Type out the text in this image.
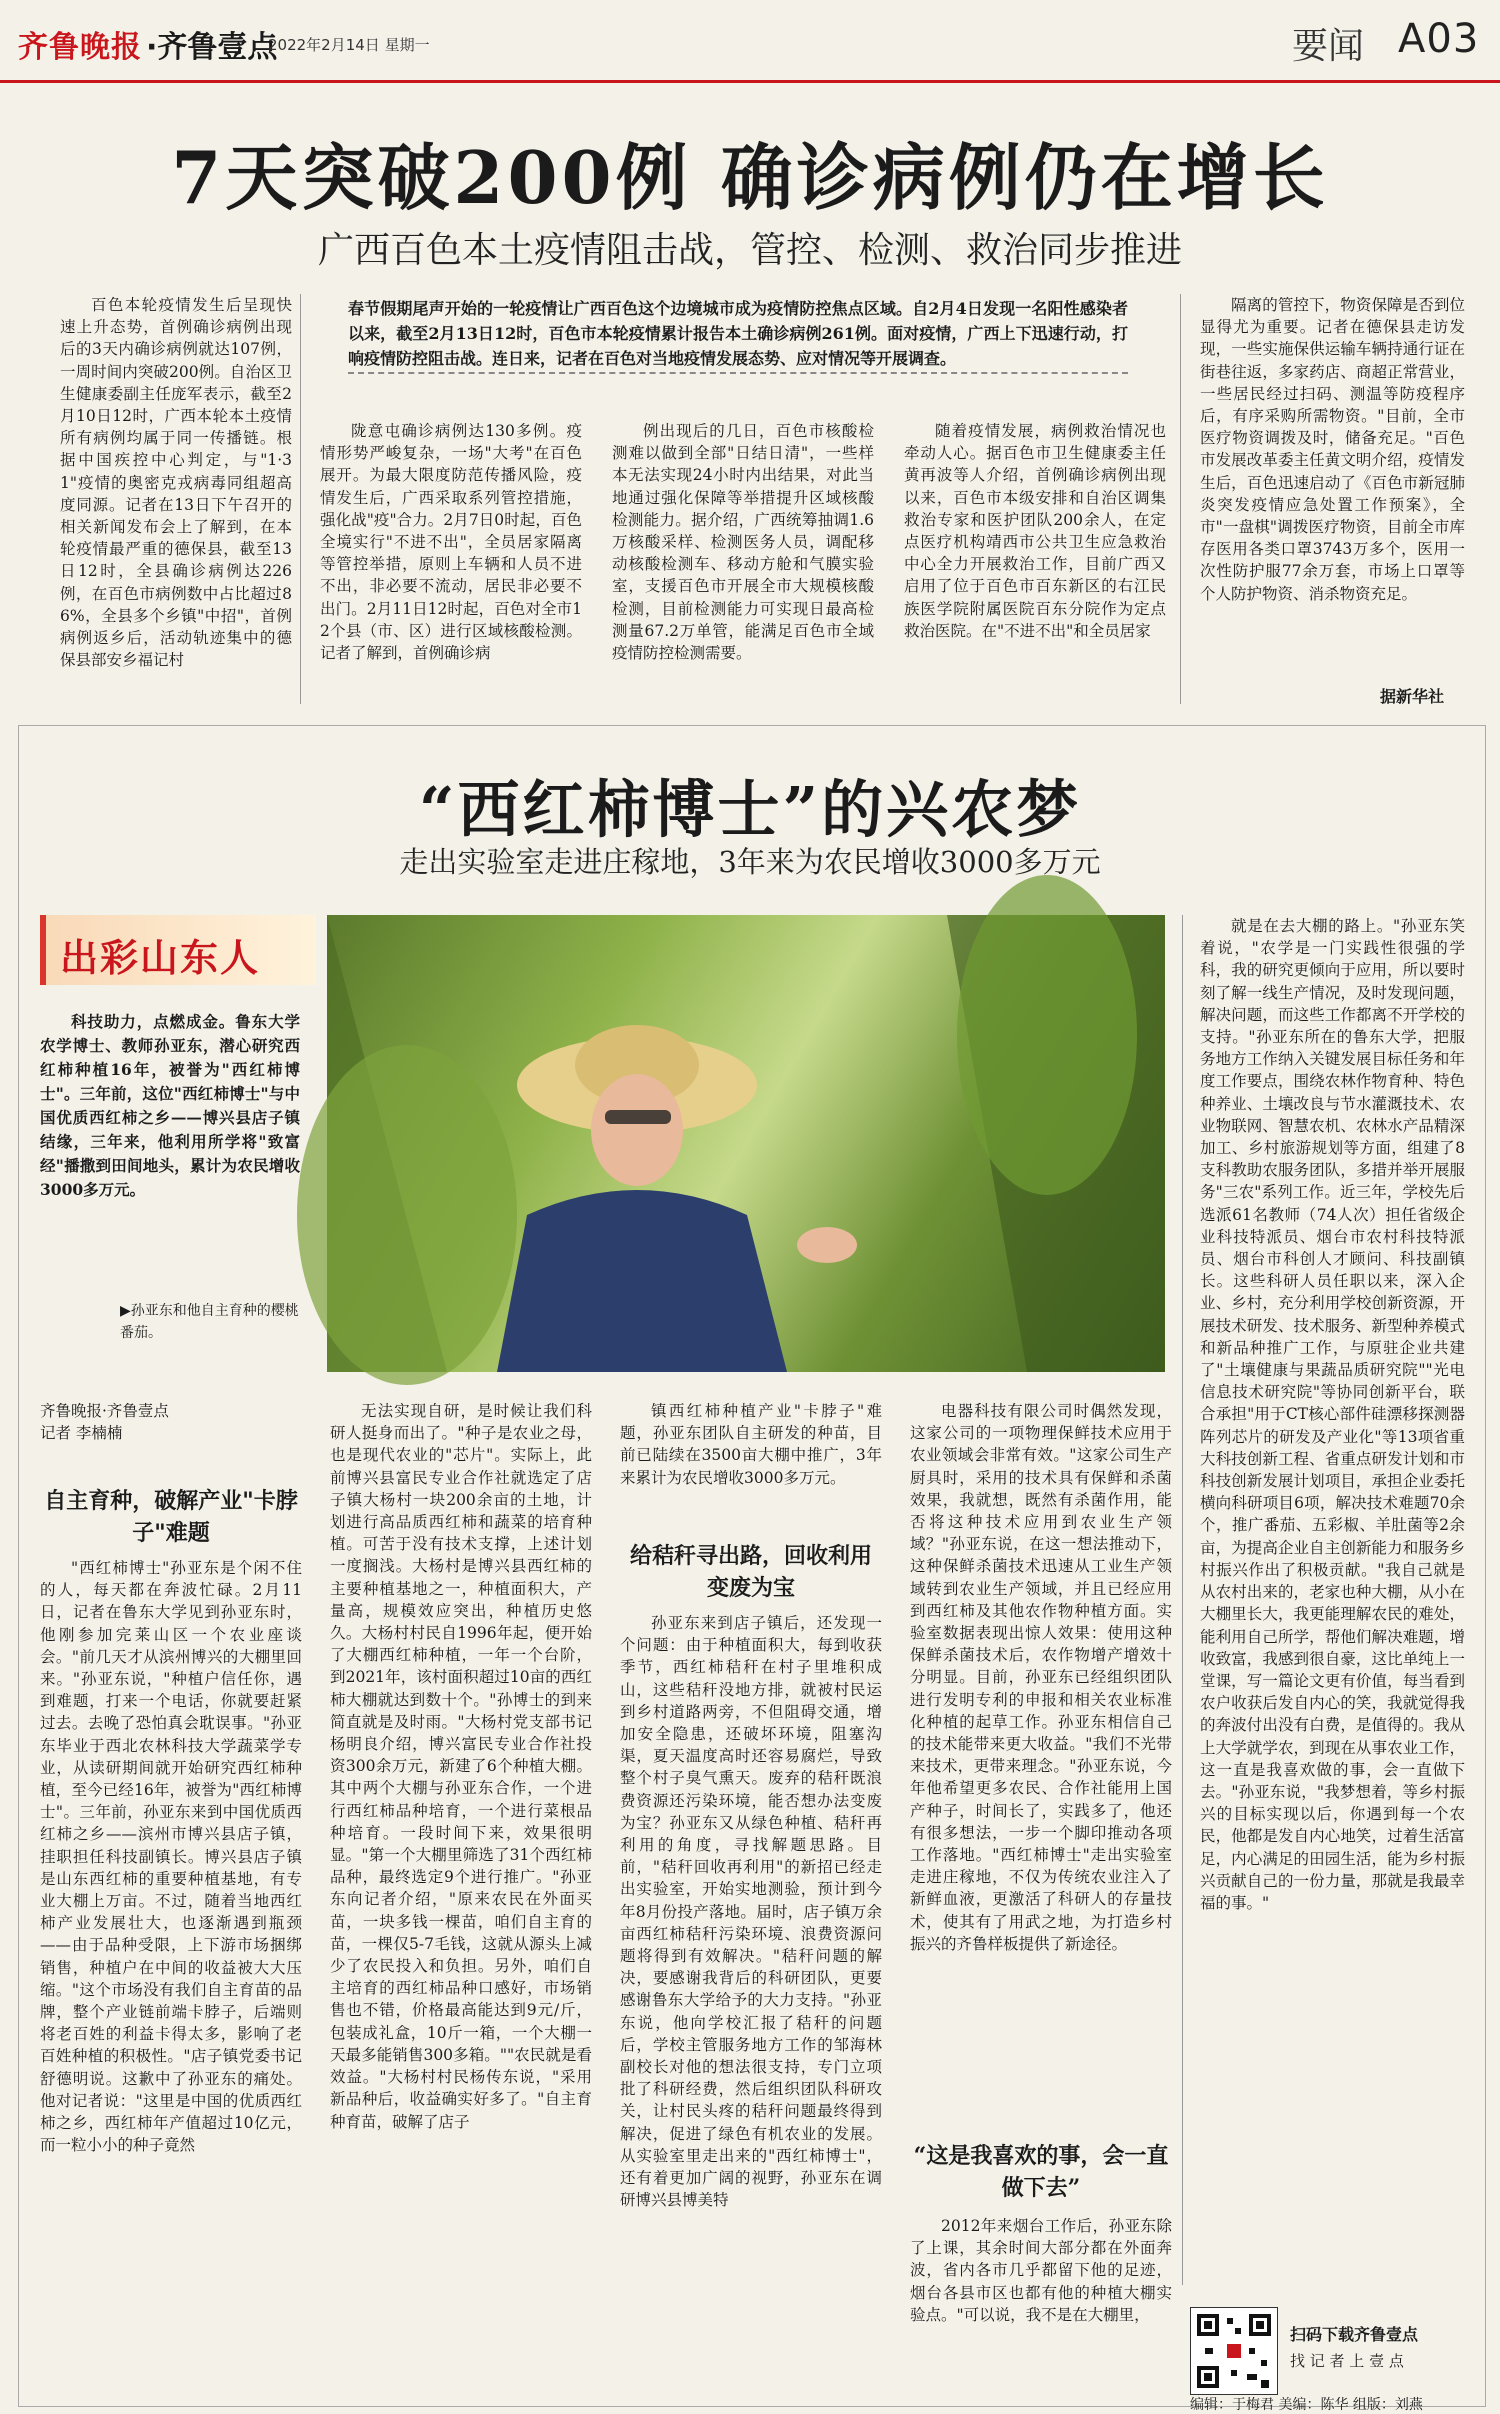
齐鲁晚报 ·齐鲁壹点
2022年2月14日 星期一	要闻 A03
7天突破200例 确诊病例仍在增长
广西百色本土疫情阻击战，管控、检测、救治同步推进
百色本轮疫情发生后呈现快速上升态势，首例确诊病例出现后的3天内确诊病例就达107例，一周时间内突破200例。自治区卫生健康委副主任庞军表示，截至2月10日12时，广西本轮本土疫情所有病例均属于同一传播链。根据中国疾控中心判定，与"1·31"疫情的奥密克戎病毒同组超高度同源。记者在13日下午召开的相关新闻发布会上了解到，在本轮疫情最严重的德保县，截至13日12时，全县确诊病例达226例，在百色市病例数中占比超过86%，全县多个乡镇"中招"，首例病例返乡后，活动轨迹集中的德保县部安乡福记村
春节假期尾声开始的一轮疫情让广西百色这个边境城市成为疫情防控焦点区域。自2月4日发现一名阳性感染者以来，截至2月13日12时，百色市本轮疫情累计报告本土确诊病例261例。面对疫情，广西上下迅速行动，打响疫情防控阻击战。连日来，记者在百色对当地疫情发展态势、应对情况等开展调查。
陇意屯确诊病例达130多例。疫情形势严峻复杂，一场"大考"在百色展开。为最大限度防范传播风险，疫情发生后，广西采取系列管控措施，强化战"疫"合力。2月7日0时起，百色全境实行"不进不出"，全员居家隔离等管控举措，原则上车辆和人员不进不出，非必要不流动，居民非必要不出门。2月11日12时起，百色对全市12个县（市、区）进行区域核酸检测。记者了解到，首例确诊病
例出现后的几日，百色市核酸检测难以做到全部"日结日清"，一些样本无法实现24小时内出结果，对此当地通过强化保障等举措提升区域核酸检测能力。据介绍，广西统筹抽调1.6万核酸采样、检测医务人员，调配移动核酸检测车、移动方舱和气膜实验室，支援百色市开展全市大规模核酸检测，目前检测能力可实现日最高检测量67.2万单管，能满足百色市全域疫情防控检测需要。
随着疫情发展，病例救治情况也牵动人心。据百色市卫生健康委主任黄再波等人介绍，首例确诊病例出现以来，百色市本级安排和自治区调集救治专家和医护团队200余人，在定点医疗机构靖西市公共卫生应急救治中心全力开展救治工作，目前广西又启用了位于百色市百东新区的右江民族医学院附属医院百东分院作为定点救治医院。在"不进不出"和全员居家
隔离的管控下，物资保障是否到位显得尤为重要。记者在德保县走访发现，一些实施保供运输车辆持通行证在街巷往返，多家药店、商超正常营业，一些居民经过扫码、测温等防疫程序后，有序采购所需物资。"目前，全市医疗物资调拨及时，储备充足。"百色市发展改革委主任黄文明介绍，疫情发生后，百色迅速启动了《百色市新冠肺炎突发疫情应急处置工作预案》，全市"一盘棋"调拨医疗物资，目前全市库存医用各类口罩3743万多个，医用一次性防护服77余万套，市场上口罩等个人防护物资、消杀物资充足。
据新华社
“西红柿博士”的兴农梦
走出实验室走进庄稼地，3年来为农民增收3000多万元
出彩山东人
科技助力，点燃成金。鲁东大学农学博士、教师孙亚东，潜心研究西红柿种植16年，被誉为"西红柿博士"。三年前，这位"西红柿博士"与中国优质西红柿之乡——博兴县店子镇结缘，三年来，他利用所学将"致富经"播撒到田间地头，累计为农民增收3000多万元。
▶孙亚东和他自主育种的樱桃番茄。
齐鲁晚报·齐鲁壹点
记者 李楠楠
自主育种，破解产业"卡脖子"难题
"西红柿博士"孙亚东是个闲不住的人，每天都在奔波忙碌。2月11日，记者在鲁东大学见到孙亚东时，他刚参加完莱山区一个农业座谈会。"前几天才从滨州博兴的大棚里回来。"孙亚东说，"种植户信任你，遇到难题，打来一个电话，你就要赶紧过去。去晚了恐怕真会耽误事。"孙亚东毕业于西北农林科技大学蔬菜学专业，从读研期间就开始研究西红柿种植，至今已经16年，被誉为"西红柿博士"。三年前，孙亚东来到中国优质西红柿之乡——滨州市博兴县店子镇，挂职担任科技副镇长。博兴县店子镇是山东西红柿的重要种植基地，有专业大棚上万亩。不过，随着当地西红柿产业发展壮大，也逐渐遇到瓶颈——由于品种受限，上下游市场捆绑销售，种植户在中间的收益被大大压缩。"这个市场没有我们自主育苗的品牌，整个产业链前端卡脖子，后端则将老百姓的利益卡得太多，影响了老百姓种植的积极性。"店子镇党委书记舒德明说。这歉中了孙亚东的痛处。他对记者说："这里是中国的优质西红柿之乡，西红柿年产值超过10亿元，而一粒小小的种子竟然
无法实现自研，是时候让我们科研人挺身而出了。"种子是农业之母，也是现代农业的"芯片"。实际上，此前博兴县富民专业合作社就选定了店子镇大杨村一块200余亩的土地，计划进行高品质西红柿和蔬菜的培育种植。可苦于没有技术支撑，上述计划一度搁浅。大杨村是博兴县西红柿的主要种植基地之一，种植面积大，产量高，规模效应突出，种植历史悠久。大杨村村民自1996年起，便开始了大棚西红柿种植，一年一个台阶，到2021年，该村面积超过10亩的西红柿大棚就达到数十个。"孙博士的到来简直就是及时雨。"大杨村党支部书记杨明良介绍，博兴富民专业合作社投资300余万元，新建了6个种植大棚。其中两个大棚与孙亚东合作，一个进行西红柿品种培育，一个进行菜根品种培育。一段时间下来，效果很明显。"第一个大棚里筛选了31个西红柿品种，最终选定9个进行推广。"孙亚东向记者介绍，"原来农民在外面买苗，一块多钱一棵苗，咱们自主育的苗，一棵仅5-7毛钱，这就从源头上减少了农民投入和负担。另外，咱们自主培育的西红柿品种口感好，市场销售也不错，价格最高能达到9元/斤，包装成礼盒，10斤一箱，一个大棚一天最多能销售300多箱。""农民就是看效益。"大杨村村民杨传东说，"采用新品种后，收益确实好多了。"自主育种育苗，破解了店子
镇西红柿种植产业"卡脖子"难题，孙亚东团队自主研发的种苗，目前已陆续在3500亩大棚中推广，3年来累计为农民增收3000多万元。
给秸秆寻出路，回收利用变废为宝
孙亚东来到店子镇后，还发现一个问题：由于种植面积大，每到收获季节，西红柿秸秆在村子里堆积成山，这些秸秆没地方排，就被村民运到乡村道路两旁，不但阻碍交通，增加安全隐患，还破坏环境，阻塞沟渠，夏天温度高时还容易腐烂，导致整个村子臭气熏天。废弃的秸秆既浪费资源还污染环境，能否想办法变废为宝？孙亚东又从绿色种植、秸秆再利用的角度，寻找解题思路。目前，"秸秆回收再利用"的新招已经走出实验室，开始实地测验，预计到今年8月份投产落地。届时，店子镇万余亩西红柿秸秆污染环境、浪费资源问题将得到有效解决。"秸秆问题的解决，要感谢我背后的科研团队，更要感谢鲁东大学给予的大力支持。"孙亚东说，他向学校汇报了秸秆的问题后，学校主管服务地方工作的邹海林副校长对他的想法很支持，专门立项批了科研经费，然后组织团队科研攻关，让村民头疼的秸秆问题最终得到解决，促进了绿色有机农业的发展。从实验室里走出来的"西红柿博士"，还有着更加广阔的视野，孙亚东在调研博兴县博美特
电器科技有限公司时偶然发现，这家公司的一项物理保鲜技术应用于农业领域会非常有效。"这家公司生产厨具时，采用的技术具有保鲜和杀菌效果，我就想，既然有杀菌作用，能否将这种技术应用到农业生产领域？"孙亚东说，在这一想法推动下，这种保鲜杀菌技术迅速从工业生产领域转到农业生产领域，并且已经应用到西红柿及其他农作物种植方面。实验室数据表现出惊人效果：使用这种保鲜杀菌技术后，农作物增产增效十分明显。目前，孙亚东已经组织团队进行发明专利的申报和相关农业标准化种植的起草工作。孙亚东相信自己的技术能带来更大收益。"我们不光带来技术，更带来理念。"孙亚东说，今年他希望更多农民、合作社能用上国产种子，时间长了，实践多了，他还有很多想法，一步一个脚印推动各项工作落地。"西红柿博士"走出实验室走进庄稼地，不仅为传统农业注入了新鲜血液，更激活了科研人的存量技术，使其有了用武之地，为打造乡村振兴的齐鲁样板提供了新途径。
“这是我喜欢的事，会一直做下去”
2012年来烟台工作后，孙亚东除了上课，其余时间大部分都在外面奔波，省内各市几乎都留下他的足迹，烟台各县市区也都有他的种植大棚实验点。"可以说，我不是在大棚里，
就是在去大棚的路上。"孙亚东笑着说，"农学是一门实践性很强的学科，我的研究更倾向于应用，所以要时刻了解一线生产情况，及时发现问题，解决问题，而这些工作都离不开学校的支持。"孙亚东所在的鲁东大学，把服务地方工作纳入关键发展目标任务和年度工作要点，围绕农林作物育种、特色种养业、土壤改良与节水灌溉技术、农业物联网、智慧农机、农林水产品精深加工、乡村旅游规划等方面，组建了8支科教助农服务团队，多措并举开展服务"三农"系列工作。近三年，学校先后选派61名教师（74人次）担任省级企业科技特派员、烟台市农村科技特派员、烟台市科创人才顾问、科技副镇长。这些科研人员任职以来，深入企业、乡村，充分利用学校创新资源，开展技术研发、技术服务、新型种养模式和新品种推广工作，与原驻企业共建了"土壤健康与果蔬品质研究院""光电信息技术研究院"等协同创新平台，联合承担"用于CT核心部件硅漂移探测器阵列芯片的研发及产业化"等13项省重大科技创新工程、省重点研发计划和市科技创新发展计划项目，承担企业委托横向科研项目6项，解决技术难题70余个，推广番茄、五彩椒、羊肚菌等2余亩，为提高企业自主创新能力和服务乡村振兴作出了积极贡献。"我自己就是从农村出来的，老家也种大棚，从小在大棚里长大，我更能理解农民的难处，能利用自己所学，帮他们解决难题，增收致富，我感到很自豪，这比单纯上一堂课，写一篇论文更有价值，每当看到农户收获后发自内心的笑，我就觉得我的奔波付出没有白费，是值得的。我从上大学就学农，到现在从事农业工作，这一直是我喜欢做的事，会一直做下去。"孙亚东说，"我梦想着，等乡村振兴的目标实现以后，你遇到每一个农民，他都是发自内心地笑，过着生活富足，内心满足的田园生活，能为乡村振兴贡献自己的一份力量，那就是我最幸福的事。"
扫码下载齐鲁壹点
找 记 者 上 壹 点
编辑：于梅君 美编：陈华 组版：刘燕
